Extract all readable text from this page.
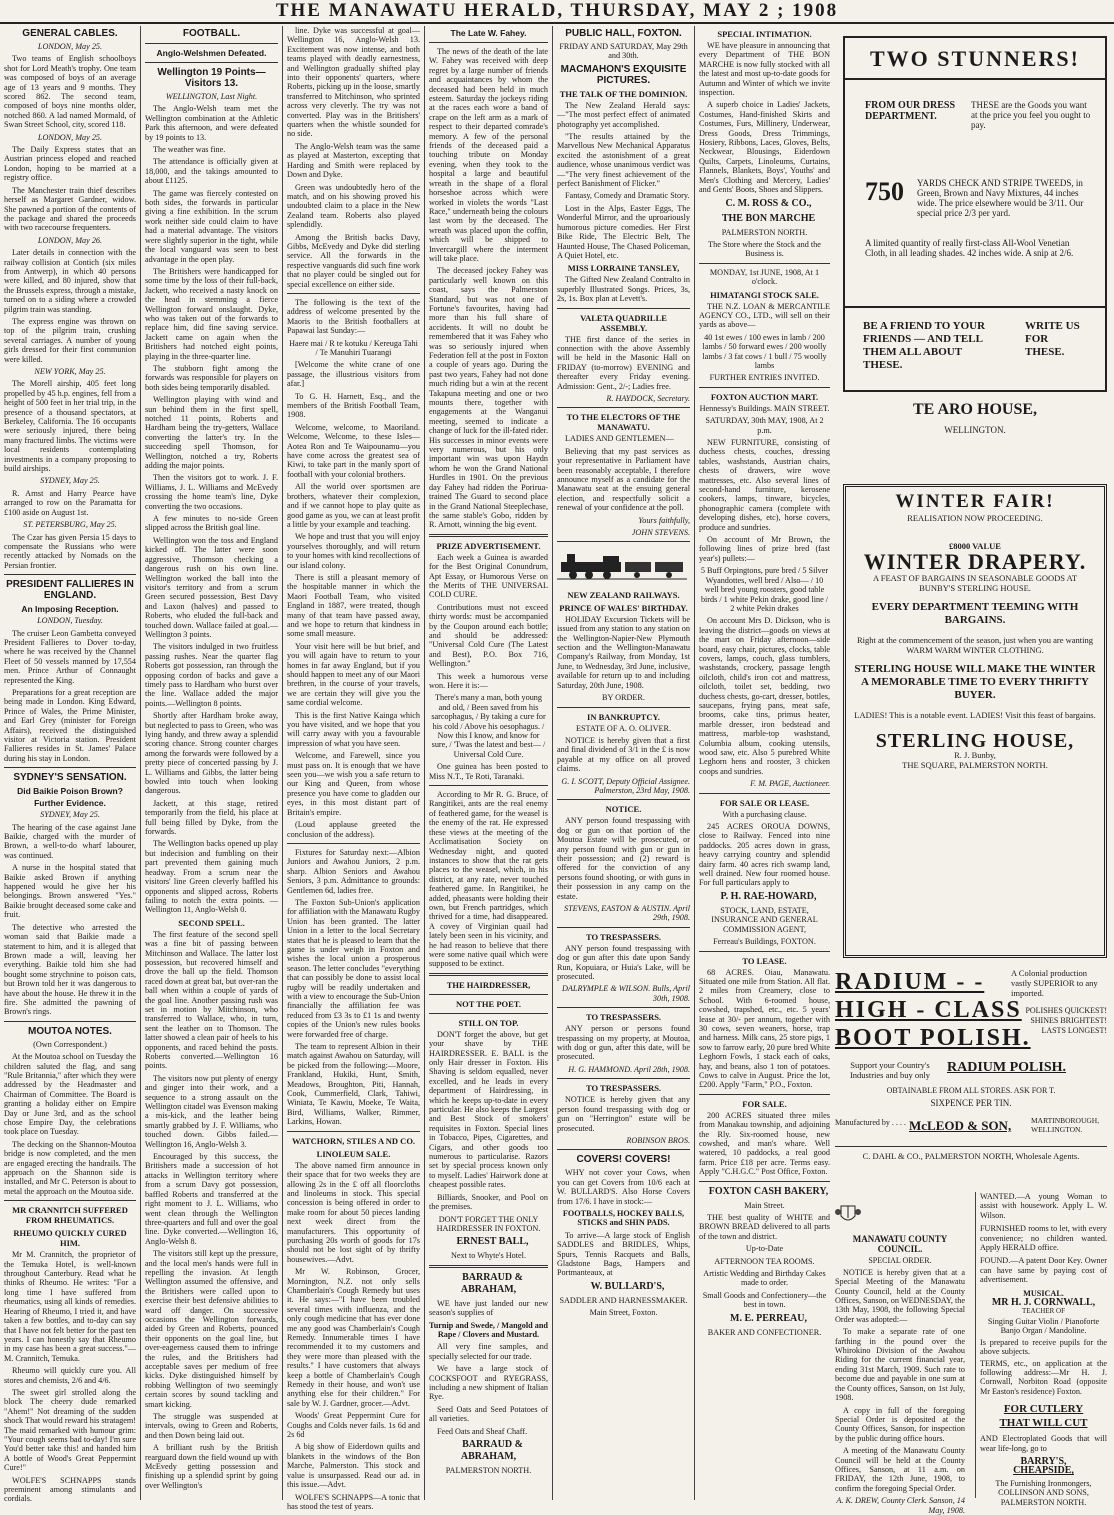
THE MANAWATU HERALD, THURSDAY, MAY 2 ; 1908
GENERAL CABLES.

LONDON, May 25.

Two teams of English schoolboys shot for Lord Meath's trophy. One team was composed of boys of an average age of 13 years and 9 months. They scored 862. The second team, composed of boys nine months older, notched 860. A lad named Mormald, of Swan Street School, city, scored 118.

LONDON, May 25.

The Daily Express states that an Austrian princess eloped and reached London, hoping to be married at a registry office.

The Manchester train thief describes herself as Margaret Gardner, widow. She pawned a portion of the contents of the package and shared the proceeds with two racecourse frequenters.

LONDON, May 26.

Later details in connection with the railway collision at Contich (six miles from Antwerp), in which 40 persons were killed, and 80 injured, show that the Brussels express, through a mistake, turned on to a siding where a crowded pilgrim train was standing.

The express engine was thrown on top of the pilgrim train, crushing several carriages. A number of young girls dressed for their first communion were killed.

NEW YORK, May 25.

The Morell airship, 405 feet long propelled by 45 h.p. engines, fell from a height of 500 feet in her trial trip, in the presence of a thousand spectators, at Berkeley, California. The 16 occupants were seriously injured, there being many fractured limbs. The victims were local residents contemplating investments in a company proposing to build airships.

SYDNEY, May 25.

R. Arnst and Harry Pearce have arranged to row on the Paramatta for £100 aside on August 1st.

ST. PETERSBURG, May 25.

The Czar has given Persia 15 days to compensate the Russians who were recently attacked by Nomads on the Persian frontier.

PRESIDENT FALLIERES IN ENGLAND.
An Imposing Reception.

LONDON, Tuesday.

The cruiser Leon Gambetta conveyed President Fallieres to Dover to-day, where he was received by the Channel Fleet of 50 vessels manned by 17,554 men. Prince Arthur of Connaught represented the King.

Preparations for a great reception are being made in London. King Edward, Prince of Wales, the Prime Minister, and Earl Grey (minister for Foreign Affairs), received the distinguished visitor at Victoria station. President Fallieres resides in St. James' Palace during his stay in London.

SYDNEY'S SENSATION.
Did Baikie Poison Brown?
Further Evidence.

SYDNEY, May 25.

The hearing of the case against Jane Baikie, charged with the murder of Brown, a well-to-do wharf labourer, was continued.

A nurse in the hospital stated that Baikie asked Brown if anything happened would he give her his belongings. Brown answered "Yes." Baikie brought deceased some cake and fruit.

The detective who arrested the woman said that Baikie made a statement to him, and it is alleged that Brown made a will, leaving her everything. Baikie told him she had bought some strychnine to poison cats, but Brown told her it was dangerous to have about the house. He threw it in the fire. She admitted the pawning of Brown's rings.

MOUTOA NOTES.

(Own Correspondent.)

At the Moutoa school on Tuesday the children saluted the flag, and sang "Rule Britannia," after which they were addressed by the Headmaster and Chairman of Committee. The Board is granting a holiday either on Empire Day or June 3rd, and as the school chose Empire Day, the celebrations took place on Tuesday.

The decking on the Shannon-Moutoa bridge is now completed, and the men are engaged erecting the handrails. The approach on the Shannon side is installed, and Mr C. Peterson is about to metal the approach on the Moutoa side.

MR CRANNITCH SUFFERED FROM RHEUMATICS.
RHEUMO QUICKLY CURED HIM.

Mr M. Crannitch, the proprietor of the Temuka Hotel, is well-known throughout Canterbury. Read what he thinks of Rheumo. He writes: "For a long time I have suffered from rheumatics, using all kinds of remedies. Hearing of Rheumo, I tried it, and have taken a few bottles, and to-day can say that I have not felt better for the past ten years. I can honestly say that Rheumo in my case has been a great success."—M. Crannitch, Temuka.

Rheumo will quickly cure you. All stores and chemists, 2/6 and 4/6.

The sweet girl strolled along the block The cheery dude remarked "Ahem!" Not dreaming of the sudden shock That would reward his stratagem! The maid remarked with humour grim: "Your cough seems bad to-day! I'm sure You'd better take this! and handed him A bottle of Wood's Great Peppermint Cure!"

WOLFE'S SCHNAPPS stands preeminent among stimulants and cordials.

FOOTBALL.
Anglo-Welshmen Defeated.
Wellington 19 Points—Visitors 13.

WELLINGTON, Last Night.

The Anglo-Welsh team met the Wellington combination at the Athletic Park this afternoon, and were defeated by 19 points to 13.

The weather was fine.

The attendance is officially given at 18,000, and the takings amounted to about £1125.

The game was fiercely contested on both sides, the forwards in particular giving a fine exhibition. In the scrum work neither side could claim to have had a material advantage. The visitors were slightly superior in the tight, while the local vanguard was seen to best advantage in the open play.

The Britishers were handicapped for some time by the loss of their full-back, Jackett, who received a nasty knock on the head in stemming a fierce Wellington forward onslaught. Dyke, who was taken out of the forwards to replace him, did fine saving service. Jackett came on again when the Britishers had notched eight points, playing in the three-quarter line.

The stubborn fight among the forwards was responsible for players on both sides being temporarily disabled.

Wellington playing with wind and sun behind them in the first spell, notched 11 points, Roberts and Hardham being the try-getters, Wallace converting the latter's try. In the succeeding spell Thomson, for Wellington, notched a try, Roberts adding the major points.

Then the visitors got to work. J. F. Williams, J. L. Williams and McEvedy crossing the home team's line, Dyke converting the two occasions.

A few minutes to no-side Green slipped across the British goal line.

Wellington won the toss and England kicked off. The latter were soon aggressive, Thomson checking a dangerous rush on his own line. Wellington worked the ball into the visitor's territory and from a scrum Green secured possession, Best Davy and Laxon (halves) and passed to Roberts, who eluded the full-back and touched down. Wallace failed at goal.—Wellington 3 points.

The visitors indulged in two fruitless passing rushes. Near the quarter flag Roberts got possession, ran through the opposing cordon of backs and gave a timely pass to Hardham who burst over the line. Wallace added the major points.—Wellington 8 points.

Shortly after Hardham broke away, but neglected to pass to Green, who was lying handy, and threw away a splendid scoring chance. Strong counter charges among the forwards were followed by a pretty piece of concerted passing by J. L. Williams and Gibbs, the latter being bowled into touch when looking dangerous.

Jackett, at this stage, retired temporarily from the field, his place at full being filled by Dyke, from the forwards.

The Wellington backs opened up play but indecision and fumbling on their part prevented them gaining much headway. From a scrum near the visitors' line Green cleverly baffled his opponents and slipped across, Roberts failing to notch the extra points. — Wellington 11, Anglo-Welsh 0.

SECOND SPELL.

The first feature of the second spell was a fine bit of passing between Mitchinson and Wallace. The latter lost possession, but recovered himself and drove the ball up the field. Thomson raced down at great bat, but over-ran the ball when within a couple of yards of the goal line. Another passing rush was set in motion by Mitchinson, who transferred to Wallace, who, in turn, sent the leather on to Thomson. The latter showed a clean pair of heels to his opponents, and raced behind the posts. Roberts converted.—Wellington 16 points.

The visitors now put plenty of energy and ginger into their work, and a sequence to a strong assault on the Wellington citadel was Evenson making a mis-kick, and the leather being smartly grabbed by J. F. Williams, who touched down. Gibbs failed.—Wellington 16, Anglo-Welsh 3.

Encouraged by this success, the Britishers made a succession of hot attacks in Wellington territory where from a scrum Davy got possession, baffled Roberts and transferred at the right moment to J. L. Williams, who went clean through the Wellington three-quarters and full and over the goal line. Dyke converted.—Wellington 16, Anglo-Welsh 8.

The visitors still kept up the pressure, and the local men's hands were full in repelling the invasion. At length Wellington assumed the offensive, and the Britishers were called upon to exercise their best defensive abilities to ward off danger. On successive occasions the Wellington forwards, aided by Green and Roberts, pounced their opponents on the goal line, but over-eagerness caused them to infringe the rules, and the Britishers had acceptable saves per medium of free kicks. Dyke distinguished himself by robbing Wellington of two seemingly certain scores by sound tackling and smart kicking.

The struggle was suspended at intervals, owing to Green and Roberts, and then Down being laid out.

A brilliant rush by the British rearguard down the field wound up with McEvedy getting possession and finishing up a splendid sprint by going over Wellington's

line. Dyke was successful at goal—Wellington 16, Anglo-Welsh 13. Excitement was now intense, and both teams played with deadly earnestness, and Wellington gradually shifted play into their opponents' quarters, where Roberts, picking up in the loose, smartly transferred to Mitchinson, who sprinted across very cleverly. The try was not converted. Play was in the Britishers' quarters when the whistle sounded for no side.

The Anglo-Welsh team was the same as played at Masterton, excepting that Harding and Smith were replaced by Down and Dyke.

Green was undoubtedly hero of the match, and on his showing proved his undoubted claim to a place in the New Zealand team. Roberts also played splendidly.

Among the British backs Davy, Gibbs, McEvedy and Dyke did sterling service. All the forwards in the respective vanguards did such fine work that no player could be singled out for special excellence on either side.

The following is the text of the address of welcome presented by the Maoris to the British footballers at Papawai last Sunday:—

Haere mai / R te kotuku / Kereuga Tahi / Te Manuhiri Tuarangi

[Welcome the white crane of one passage, the illustrious visitors from afar.]

To G. H. Harnett, Esq., and the members of the British Football Team, 1908.

Welcome, welcome, to Maoriland. Welcome, Welcome, to these Isles—Aotea Ron and Te Waipounamu—you have come across the greatest sea of Kiwi, to take part in the manly sport of football with your colonial brothers.

All the world over sportsmen are brothers, whatever their complexion, and if we cannot hope to play quite as good game as you, we can at least profit a little by your example and teaching.

We hope and trust that you will enjoy yourselves thoroughly, and will return to your homes with kind recollections of our island colony.

There is still a pleasant memory of the hospitable manner in which the Maori Football Team, who visited England in 1887, were treated, though many of that team have passed away, and we hope to return that kindness in some small measure.

Your visit here will be but brief, and you will again have to return to your homes in far away England, but if you should happen to meet any of our Maori brethren, in the course of your travels, we are certain they will give you the same cordial welcome.

This is the first Native Kainga which you have visited, and we hope that you will carry away with you a favourable impression of what you have seen.

Welcome, and Farewell, since you must pass on. It is enough that we have seen you—we wish you a safe return to our King and Queen, from whose presence you have come to gladden our eyes, in this most distant part of Britain's empire.

(Loud applause greeted the conclusion of the address).

Fixtures for Saturday next:—Albion Juniors and Awahou Juniors, 2 p.m. sharp. Albion Seniors and Awahou Seniors, 3 p.m. Admittance to grounds: Gentlemen 6d, ladies free.

The Foxton Sub-Union's application for affiliation with the Manawatu Rugby Union has been granted. The latter Union in a letter to the local Secretary states that he is pleased to learn that the game is under weigh in Foxton and wishes the local union a prosperous season. The letter concludes "everything that can possibly be done to assist local rugby will be readily undertaken and with a view to encourage the Sub-Union financially the affiliation fee was reduced from £3 3s to £1 1s and twenty copies of the Union's new rules books were forwarded free of charge.

The team to represent Albion in their match against Awahou on Saturday, will be picked from the following:—Moore, Frankland, Hukiki, Hunt, Smith, Meadows, Broughton, Piti, Hannah, Cook, Cummerfield, Clark, Tahiwi, Winiata, Te Kawiu, Moeke, Te Waita, Bird, Williams, Walker, Rimmer, Larkins, Howan.

WATCHORN, STILES A ND CO.
LINOLEUM SALE.

The above named firm announce in their space that for two weeks they are allowing 2s in the £ off all floorcloths and linoleums in stock. This special concession is being offered in order to make room for about 50 pieces landing next week direct from the manufacturers. This opportunity of purchasing 20s worth of goods for 17s should not be lost sight of by thrifty housewives.—Advt.

Mr W. Robinson, Grocer, Mornington, N.Z. not only sells Chamberlain's Cough Remedy but uses it. He says:—"I have been troubled several times with influenza, and the only cough medicine that has ever done me any good was Chamberlain's Cough Remedy. Innumerable times I have recommended it to my customers and they were more than pleased with the results." I have customers that always keep a bottle of Chamberlain's Cough Remedy in their house, and won't use anything else for their children." For sale by W. J. Gardner, grocer.—Advt.

Woods' Great Peppermint Cure for Coughs and Colds never fails. 1s 6d and 2s 6d

A big show of Eiderdown quilts and blankets in the windows of the Bon Marche, Palmerston. This stock and value is unsurpassed. Read our ad. in this issue.—Advt.

WOLFE'S SCHNAPPS—A tonic that has stood the test of years.

The Late W. Fahey.

The news of the death of the late W. Fahey was received with deep regret by a large number of friends and acquaintances by whom the deceased had been held in much esteem. Saturday the jockeys riding at the races each wore a band of crape on the left arm as a mark of respect to their departed comrade's memory. A few of the personal friends of the deceased paid a touching tribute on Monday evening, when they took to the hospital a large and beautiful wreath in the shape of a floral horseshoe across which were worked in violets the words "Last Race," underneath being the colours last worn by the deceased. The wreath was placed upon the coffin, which will be shipped to Invercargill where the interment will take place.

The deceased jockey Fahey was particularly well known on this coast, says the Palmerston Standard, but was not one of Fortune's favourites, having had more than his full share of accidents. It will no doubt be remembered that it was Fahey who was so seriously injured when Federation fell at the post in Foxton a couple of years ago. During the past two years, Fahey had not done much riding but a win at the recent Takapuna meeting and one or two mounts there, together with engagements at the Wanganui meeting, seemed to indicate a change of luck for the ill-fated rider. His successes in minor events were very numerous, but his only important win was upon Haydn whom he won the Grand National Hurdles in 1901. On the previous day Fahey had ridden the Porirua-trained The Guard to second place in the Grand National Steeplechase, the same stable's Gobo, ridden by R. Arnott, winning the big event.

PRIZE ADVERTISEMENT.

Each week a Guinea is awarded for the Best Original Conundrum, Apt Essay, or Humorous Verse on the Merits of THE UNIVERSAL COLD CURE.

Contributions must not exceed thirty words: must be accompanied by the Coupon around each bottle; and should be addressed: "Universal Cold Cure (The Latest and Best), P.O. Box 716, Wellington."

This week a humorous verse won. Here it is:—

There's many a man, both young and old, / Been saved from his sarcophagus, / By taking a cure for his cold / Above his oesophagus. / Now this I know, and know for sure, / 'Twas the latest and best— / Universal Cold Cure.

One guinea has been posted to Miss N.T., Te Roti, Taranaki.

According to Mr R. G. Bruce, of Rangitikei, ants are the real enemy of feathered game, for the weasel is the enemy of the rat. He expressed these views at the meeting of the Acclimatisation Society on Wednesday night, and quoted instances to show that the rat gets places to the weasel, which, in his district, at any rate, never touched feathered game. In Rangitikei, he added, pheasants were holding their own, but French partridges, which thrived for a time, had disappeared. A covey of Virginian quail had lately been seen in his vicinity, and he had reason to believe that there were some native quail which were supposed to be extinct.

THE HAIRDRESSER,
NOT THE POET.
STILL ON TOP.

DON'T forget the above, but get your shave by THE HAIRDRESSER. E. BALL is the only Hair dresser in Foxton. His Shaving is seldom equalled, never excelled, and he leads in every department of Hairdressing, in which he keeps up-to-date in every particular. He also keeps the Largest and Best Stock of smokers' requisites in Foxton. Special lines in Tobacco, Pipes, Cigarettes, and Cigars, and other goods too numerous to particularise. Razors set by special process known only to myself. Ladies' Hairwork done at cheapest possible rates.

Billiards, Snooker, and Pool on the premises.

DON'T FORGET THE ONLY HAIRDRESSER IN FOXTON.

ERNEST BALL,

Next to Whyte's Hotel.

BARRAUD & ABRAHAM,

WE have just landed our new season's supplies of

Turnip and Swede, / Mangold and Rape / Clovers and Mustard.

All very fine samples, and specially selected for our trade.

We have a large stock of COCKSFOOT and RYEGRASS, including a new shipment of Italian Rye.

Seed Oats and Seed Potatoes of all varieties.

Feed Oats and Sheaf Chaff.

BARRAUD & ABRAHAM,

PALMERSTON NORTH.

PUBLIC HALL, FOXTON.

FRIDAY AND SATURDAY, May 29th and 30th.

MACMAHON'S EXQUISITE PICTURES.
THE TALK OF THE DOMINION.

The New Zealand Herald says:—"The most perfect effect of animated photography yet accomplished.

"The results attained by the Marvellous New Mechanical Apparatus excited the astonishment of a great audience, whose unanimous verdict was—"The very finest achievement of the perfect Banishment of Flicker."

Fantasy, Comedy and Dramatic Story.

Lost in the Alps, Easter Eggs, The Wonderful Mirror, and the uproariously humorous picture comedies. Her First Bike Ride, The Electric Belt, The Haunted House, The Chased Policeman, A Quiet Hotel, etc.

MISS LORRAINE TANSLEY,

The Gifted New Zealand Contralto in superbly Illustrated Songs. Prices, 3s, 2s, 1s. Box plan at Levett's.

VALETA QUADRILLE ASSEMBLY.

THE first dance of the series in connection with the above Assembly will be held in the Masonic Hall on FRIDAY (to-morrow) EVENING and thereafter every Friday evening. Admission: Gent., 2/-; Ladies free.

R. HAYDOCK, Secretary.

TO THE ELECTORS OF THE MANAWATU.

LADIES AND GENTLEMEN—

Believing that my past services as your representative in Parliament have been reasonably acceptable, I therefore announce myself as a candidate for the Manawatu seat at the ensuing general election, and respectfully solicit a renewal of your confidence at the poll.

Yours faithfully,

JOHN STEVENS.

NEW ZEALAND RAILWAYS.
PRINCE OF WALES' BIRTHDAY.

HOLIDAY Excursion Tickets will be issued from any station to any station on the Wellington-Napier-New Plymouth section and the Wellington-Manawatu Company's Railway, from Monday, 1st June, to Wednesday, 3rd June, inclusive, available for return up to and including Saturday, 20th June, 1908.

BY ORDER.

IN BANKRUPTCY.

ESTATE OF A. O. OLIVER.

NOTICE is hereby given that a first and final dividend of 3/1 in the £ is now payable at my office on all proved claims.

G. I. SCOTT, Deputy Official Assignee. Palmerston, 23rd May, 1908.

NOTICE.

ANY person found trespassing with dog or gun on that portion of the Moutoa Estate will be prosecuted, or any person found with gun or gun in their possession; and (2) reward is offered for the conviction of any persons found shooting, or with guns in their possession in any camp on the estate.

STEVENS, EASTON & AUSTIN. April 29th, 1908.

TO TRESPASSERS.

ANY person found trespassing with dog or gun after this date upon Sandy Run, Kopuiara, or Huia's Lake, will be prosecuted.

DALRYMPLE & WILSON. Bulls, April 30th, 1908.

TO TRESPASSERS.

ANY person or persons found trespassing on my property, at Moutoa, with dog or gun, after this date, will be prosecuted.

H. G. HAMMOND. April 28th, 1908.

TO TRESPASSERS.

NOTICE is hereby given that any person found trespassing with dog or gun on "Herrington" estate will be prosecuted.

ROBINSON BROS.

COVERS! COVERS!

WHY not cover your Cows, when you can get Covers from 10/6 each at W. BULLARD'S. Also Horse Covers from 17/6. I have in stock:—

FOOTBALLS, HOCKEY BALLS, STICKS and SHIN PADS.

To arrive—A large stock of English SADDLES and BRIDLES, Whips, Spurs, Tennis Racquets and Balls, Gladstone Bags, Hampers and Portmanteaux, at

W. BULLARD'S,

SADDLER AND HARNESSMAKER.

Main Street, Foxton.

SPECIAL INTIMATION.

WE have pleasure in announcing that every Department of THE BON MARCHE is now fully stocked with all the latest and most up-to-date goods for Autumn and Winter of which we invite inspection.

A superb choice in Ladies' Jackets, Costumes, Hand-finished Skirts and Costumes, Furs, Millinery, Underwear, Dress Goods, Dress Trimmings, Hosiery, Ribbons, Laces, Gloves, Belts, Neckwear, Blousings, Eiderdown Quilts, Carpets, Linoleums, Curtains, Flannels, Blankets, Boys', Youths' and Men's Clothing and Mercery, Ladies' and Gents' Boots, Shoes and Slippers.

C. M. ROSS & CO.,

THE BON MARCHE

PALMERSTON NORTH.

The Store where the Stock and the Business is.

MONDAY, 1st JUNE, 1908, At 1 o'clock.

HIMATANGI STOCK SALE.

THE N.Z. LOAN & MERCANTILE AGENCY CO., LTD., will sell on their yards as above—

40 1st ewes / 100 ewes in lamb / 200 lambs / 50 forward ewes / 200 woolly lambs / 3 fat cows / 1 bull / 75 woolly lambs

FURTHER ENTRIES INVITED.

FOXTON AUCTION MART.

Hennessy's Buildings. MAIN STREET.

SATURDAY, 30th MAY, 1908, At 2 p.m.

NEW FURNITURE, consisting of duchess chests, couches, dressing tables, washstands, Austrian chairs, chests of drawers, wire wove mattresses, etc. Also several lines of second-hand furniture, kerosene cookers, lamps, tinware, bicycles, phonographic camera (complete with developing dishes, etc), horse covers, produce and sundries.

On account of Mr Brown, the following lines of prize bred (fast year's) pullets:—

5 Buff Orpingtons, pure bred / 5 Silver Wyandottes, well bred / Also— / 10 well bred young roosters, good table birds / 1 white Pekin drake, good line / 2 white Pekin drakes

On account Mrs D. Dickson, who is leaving the district—goods on views at the mart on Friday afternoon—side board, easy chair, pictures, clocks, table covers, lamps, couch, glass tumblers, washstands, crockery, passage length oilcloth, child's iron cot and mattress, oilcloth, toilet set, bedding, two duchess chests, go-cart, dresser, bottles, saucepans, frying pans, meat safe, brooms, cake tins, primus heater, marble dresser, iron bedstead and mattress, marble-top washstand, Columbia album, cooking utensils, wood saw, etc. Also 5 purebred White Leghorn hens and rooster, 3 chicken coops and sundries.

F. M. PAGE, Auctioneer.

FOR SALE OR LEASE.

With a purchasing clause.

245 ACRES OROUA DOWNS, close to Railway. Fenced into nine paddocks. 205 acres down in grass, heavy carrying country and splendid dairy farm. 40 acres rich swamp land, well drained. New four roomed house. For full particulars apply to

P. H. RAE-HOWARD,

STOCK, LAND, ESTATE, INSURANCE AND GENERAL COMMISSION AGENT,

Ferreau's Buildings, FOXTON.

TO LEASE.

68 ACRES. Oiau, Manawatu. Situated one mile from Station. All flat. 2 miles from Creamery, close to School. With 6-roomed house, cowshed, trapshed, etc., etc. 5 years' lease at 30/- per annum, together with 30 cows, seven weaners, horse, trap and harness. Milk cans, 25 store pigs, 1 sow to farrow early, 20 pure bred White Leghorn Fowls, 1 stack each of oaks, hay, and beans, also 1 ton of potatoes. Cows to calve in August. Price the lot, £200. Apply "Farm," P.O., Foxton.

FOR SALE.

200 ACRES situated three miles from Manakau township, and adjoining the Rly. Six-roomed house, new cowshed, and man's whare. Well watered, 10 paddocks, a real good farm. Price £18 per acre. Terms easy. Apply "C.H.G.C." Post Office, Foxton.

FOXTON CASH BAKERY,

Main Street.

THE best quality of WHITE and BROWN BREAD delivered to all parts of the town and district.

Up-to-Date

AFTERNOON TEA ROOMS.

Artistic Wedding and Birthday Cakes made to order.

Small Goods and Confectionery—the best in town.

M. E. PERREAU,

BAKER AND CONFECTIONER.

TWO STUNNERS!
FROM OUR DRESS DEPARTMENT.
THESE are the Goods you want at the price you feel you ought to pay.
750	YARDS CHECK AND STRIPE TWEEDS, in Green, Brown and Navy Mixtures, 44 inches wide. The price elsewhere would be 3/11. Our special price 2/3 per yard.
A limited quantity of really first-class All-Wool Venetian Cloth, in all leading shades. 42 inches wide. A snip at 2/6.
BE A FRIEND TO YOUR FRIENDS — AND TELL THEM ALL ABOUT THESE.
WRITE US FOR THESE.
TE ARO HOUSE,
WELLINGTON.
WINTER FAIR!
REALISATION NOW PROCEEDING.
£8000 VALUE
WINTER DRAPERY.
A FEAST OF BARGAINS IN SEASONABLE GOODS AT BUNBY'S STERLING HOUSE.
EVERY DEPARTMENT TEEMING WITH BARGAINS.
Right at the commencement of the season, just when you are wanting WARM WARM WINTER CLOTHING.
STERLING HOUSE WILL MAKE THE WINTER A MEMORABLE TIME TO EVERY THRIFTY BUYER.
LADIES! This is a notable event. LADIES! Visit this feast of bargains.
STERLING HOUSE,
R. J. Bunby,
THE SQUARE, PALMERSTON NORTH.
RADIUM - -
HIGH - CLASS
BOOT POLISH.
A Colonial production vastly SUPERIOR to any imported.
POLISHES QUICKEST! SHINES BRIGHTEST! LASTS LONGEST!
Support your Country's Industries and buy only	RADIUM POLISH.
OBTAINABLE FROM ALL STORES. ASK FOR T.
SIXPENCE PER TIN.
Manufactured by . . . . McLEOD & SON,	MARTINBOROUGH, WELLINGTON.
C. DAHL & CO., PALMERSTON NORTH, Wholesale Agents.
MANAWATU COUNTY COUNCIL.
SPECIAL ORDER.

NOTICE is hereby given that at a Special Meeting of the Manawatu County Council, held at the County Offices, Sanson, on WEDNESDAY, the 13th May, 1908, the following Special Order was adopted:—

To make a separate rate of one farthing in the pound over the Whirokino Division of the Awahou Riding for the current financial year, ending 31st March, 1909. Such rate to become due and payable in one sum at the County offices, Sanson, on 1st July, 1908.

A copy in full of the foregoing Special Order is deposited at the County Offices, Sanson, for inspection by the public during office hours.

A meeting of the Manawatu County Council will be held at the County Offices, Sanson, at 11 a.m. on FRIDAY, the 12th June, 1908, to confirm the foregoing Special Order.

A. K. DREW, County Clerk. Sanson, 14 May, 1908.

WANTED.—A young Woman to assist with housework. Apply L. W. Wilson.

FURNISHED rooms to let, with every convenience; no children wanted. Apply HERALD office.

FOUND.—A patent Door Key. Owner can have same by paying cost of advertisement.

MUSICAL.
MR H. J. CORNWALL,
TEACHER OF
Singing Guitar Violin / Pianoforte Banjo Organ / Mandoline.

Is prepared to receive pupils for the above subjects.

TERMS, etc., on application at the following address:—Mr H. J. Cornwall, Norbiton Road (opposite Mr Easton's residence) Foxton.

FOR CUTLERY
THAT WILL CUT

AND Electroplated Goods that will wear life-long, go to

BARRY'S,
CHEAPSIDE,

The Furnishing Ironmongers, COLLINSON AND SONS, PALMERSTON NORTH.
